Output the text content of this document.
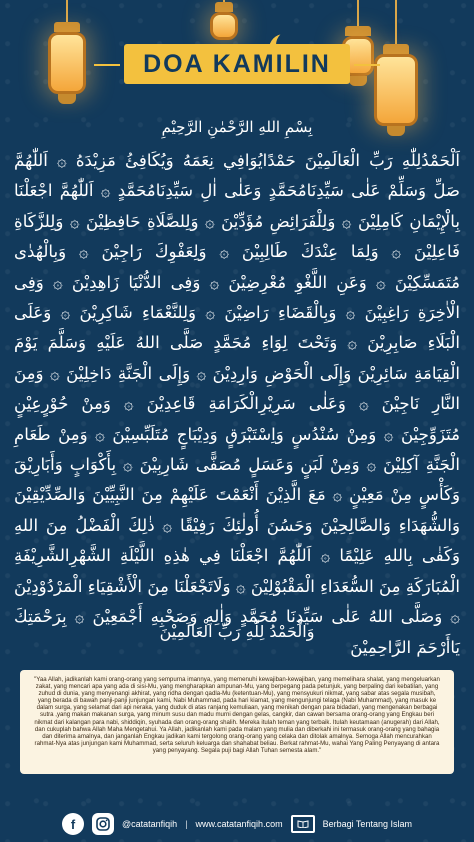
DOA KAMILIN
بِسْمِ اللهِ الرَّحْمٰنِ الرَّحِيْمِ
اَلْحَمْدُلِلّٰهِ رَبِّ الْعَالَمِيْنَ حَمْدًايُوَافِي نِعَمَهُ وَيُكَافِئُ مَزِيْدَهُ ۞ اَللّٰهُمَّ صَلِّ وَسَلِّمْ عَلٰى سَيِّدِنَامُحَمَّدٍ وَعَلٰى اٰلِ سَيِّدِنَامُحَمَّدٍ ۞ اَللّٰهُمَّ اجْعَلْنَا بِالْإِيْمَانِ كَامِلِيْنَ ۞ وَلِلْفَرَائِضِ مُؤَدِّيْنَ ۞ وَلِلصَّلَاةِ حَافِظِيْنَ ۞ وَلِلزَّكَاةِ فَاعِلِيْنَ ۞ وَلِمَا عِنْدَكَ طَالِبِيْنَ ۞ وَلِعَفْوِكَ رَاجِيْنَ ۞ وَبِالْهُدٰى مُتَمَسِّكِيْنَ ۞ وَعَنِ اللَّغْوِ مُعْرِضِيْنَ ۞ وَفِى الدُّنْيَا زَاهِدِيْنَ ۞ وَفِى الْاٰخِرَةِ رَاغِبِيْنَ ۞ وَبِالْقَضَاءِ رَاضِيْنَ ۞ وَلِلنَّعْمَاءِ شَاكِرِيْنَ ۞ وَعَلَى الْبَلَاءِ صَابِرِيْنَ ۞ وَتَحْتَ لِوَاءِ مُحَمَّدٍ صَلَّى اللهُ عَلَيْهِ وَسَلَّمَ يَوْمَ الْقِيَامَةِ سَائِرِيْنَ وَإِلَى الْحَوْضِ وَارِدِيْنَ ۞ وَإِلَى الْجَنَّةِ دَاخِلِيْنَ ۞ وَمِنَ النَّارِ نَاجِيْنَ ۞ وَعَلٰى سَرِيْرِالْكَرَامَةِ قَاعِدِيْنَ ۞ وَمِنْ حُوْرٍعِيْنٍ مُتَزَوِّجِيْنَ ۞ وَمِنْ سُنْدُسٍ وَاِسْتَبْرَقٍ وَدِيْبَاجٍ مُتَلَبِّسِيْنَ ۞ وَمِنْ طَعَامِ الْجَنَّةِ آكِلِيْنَ ۞ وَمِنْ لَبَنٍ وَعَسَلٍ مُصَفًّى شَارِبِيْنَ ۞ بِأَكْوَابٍ وَأَبَارِيْقَ وَكَأْسٍ مِنْ مَعِيْنٍ ۞ مَعَ الَّذِيْنَ أَنْعَمْتَ عَلَيْهِمْ مِنَ النَّبِيِّيْنَ وَالصِّدِّيْقِيْنَ وَالشُّهَدَاءِ وَالصَّالِحِيْنَ وَحَسُنَ أُولٰئِكَ رَفِيْقًا ۞ ذٰلِكَ الْفَضْلُ مِنَ اللهِ وَكَفٰى بِاللهِ عَلِيْمًا ۞ اَللّٰهُمَّ اجْعَلْنَا فِي هٰذِهِ اللَّيْلَةِ الشَّهْرِالشَّرِيْفَةِ الْمُبَارَكَةِ مِنَ السُّعَدَاءِ الْمَقْبُوْلِيْنَ ۞ وَلَاتَجْعَلْنَا مِنَ الْأَشْقِيَاءِ الْمَرْدُوْدِيْنَ ۞ وَصَلَّى اللهُ عَلٰى سَيِّدِنَا مُحَمَّدٍ وَاٰلِهِ وَصَحْبِهِ أَجْمَعِيْنَ ۞ بِرَحْمَتِكَ يَاأَرْحَمَ الرَّاحِمِيْنَ
وَالْحَمْدُ لِلّٰهِ رَبِّ الْعَالَمِيْنَ
"Yaa Allah, jadikanlah kami orang-orang yang sempurna imannya, yang memenuhi kewajiban-kewajiban, yang memelihara shalat, yang mengeluarkan zakat, yang mencari apa yang ada di sisi-Mu, yang mengharapkan ampunan-Mu, yang berpegang pada petunjuk, yang berpaling dari kebatilan, yang zuhud di dunia, yang menyenangi akhirat, yang ridha dengan qadla-Mu (ketentuan-Mu), yang mensyukuri nikmat, yang sabar atas segala musibah, yang berada di bawah panji-panji junjungan kami, Nabi Muhammad, pada hari kiamat, yang mengunjungi telaga (Nabi Muhammad), yang masuk ke dalam surga, yang selamat dari api neraka, yang duduk di atas ranjang kemuliaan, yang menikah dengan para bidadari, yang mengenakan berbagai sutra ,yang makan makanan surga, yang minum susu dan madu murni dengan gelas, cangkir, dan cawan bersama orang-orang yang Engkau beri nikmat dari kalangan para nabi, shiddiqin, syuhada dan orang-orang shalih. Mereka itulah teman yang terbaik. Itulah keutamaan (anugerah) dari Allah, dan cukuplah bahwa Allah Maha Mengetahui. Ya Allah, jadikanlah kami pada malam yang mulia dan diberkahi ini termasuk orang-orang yang bahagia dan diterima amalnya, dan janganlah Engkau jadikan kami tergolong orang-orang yang celaka dan ditolak amalnya. Semoga Allah mencurahkan rahmat-Nya atas junjungan kami Muhammad, serta seluruh keluarga dan shahabat beliau. Berkat rahmat-Mu, wahai Yang Paling Penyayang di antara yang penyayang. Segala puji bagi Allah Tuhan semesta alam."
f	@catatanfiqih | www.catatanfiqih.com	Berbagi Tentang Islam
